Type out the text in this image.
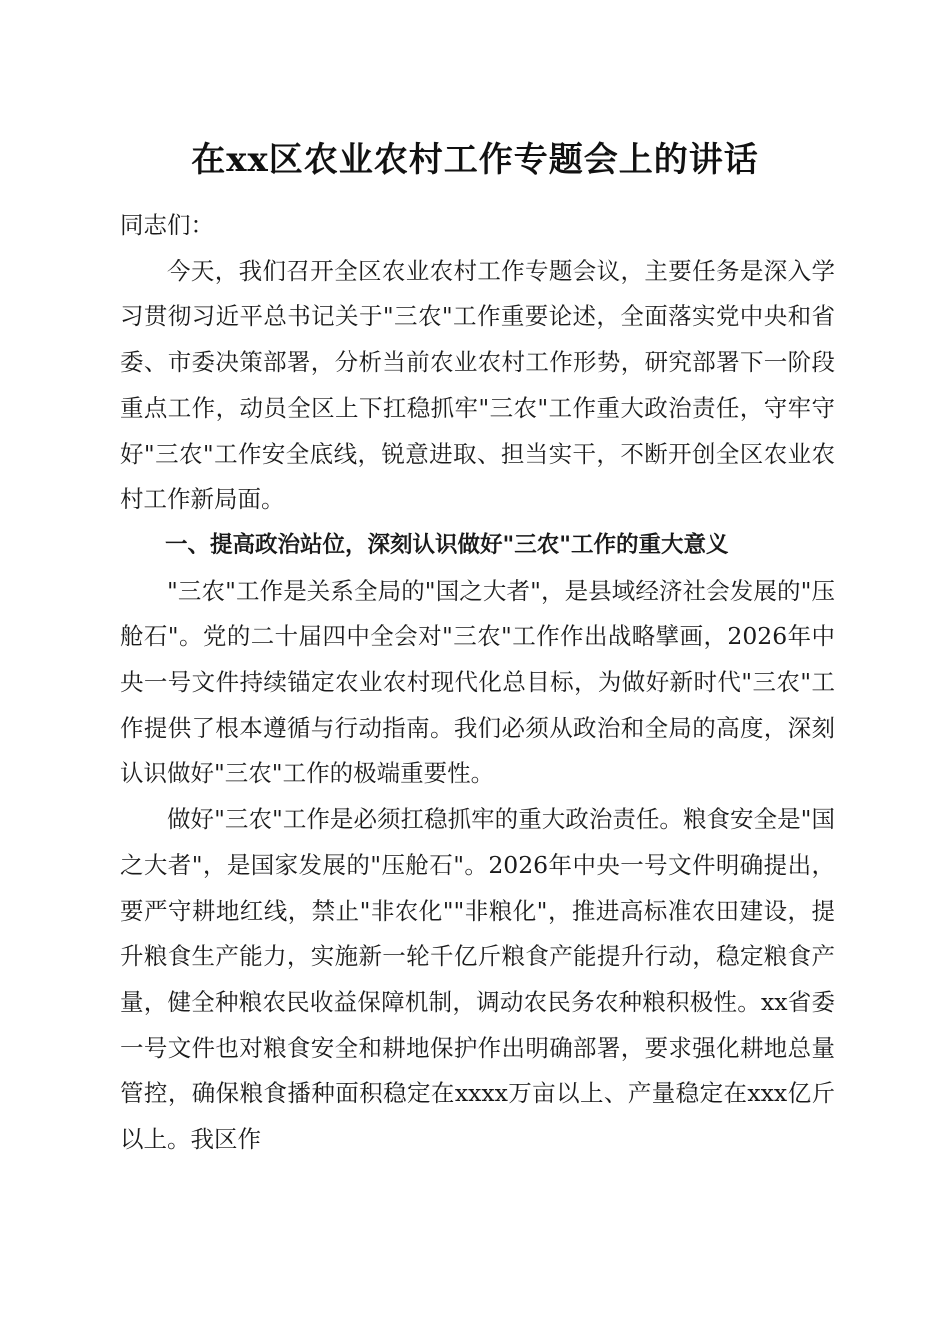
在xx区农业农村工作专题会上的讲话

同志们：

今天，我们召开全区农业农村工作专题会议，主要任务是深入学习贯彻习近平总书记关于"三农"工作重要论述，全面落实党中央和省委、市委决策部署，分析当前农业农村工作形势，研究部署下一阶段重点工作，动员全区上下扛稳抓牢"三农"工作重大政治责任，守牢守好"三农"工作安全底线，锐意进取、担当实干，不断开创全区农业农村工作新局面。

一、提高政治站位，深刻认识做好"三农"工作的重大意义

"三农"工作是关系全局的"国之大者"，是县域经济社会发展的"压舱石"。党的二十届四中全会对"三农"工作作出战略擘画，2026年中央一号文件持续锚定农业农村现代化总目标，为做好新时代"三农"工作提供了根本遵循与行动指南。我们必须从政治和全局的高度，深刻认识做好"三农"工作的极端重要性。

做好"三农"工作是必须扛稳抓牢的重大政治责任。粮食安全是"国之大者"，是国家发展的"压舱石"。2026年中央一号文件明确提出，要严守耕地红线，禁止"非农化""非粮化"，推进高标准农田建设，提升粮食生产能力，实施新一轮千亿斤粮食产能提升行动，稳定粮食产量，健全种粮农民收益保障机制，调动农民务农种粮积极性。xx省委一号文件也对粮食安全和耕地保护作出明确部署，要求强化耕地总量管控，确保粮食播种面积稳定在xxxx万亩以上、产量稳定在xxx亿斤以上。我区作
